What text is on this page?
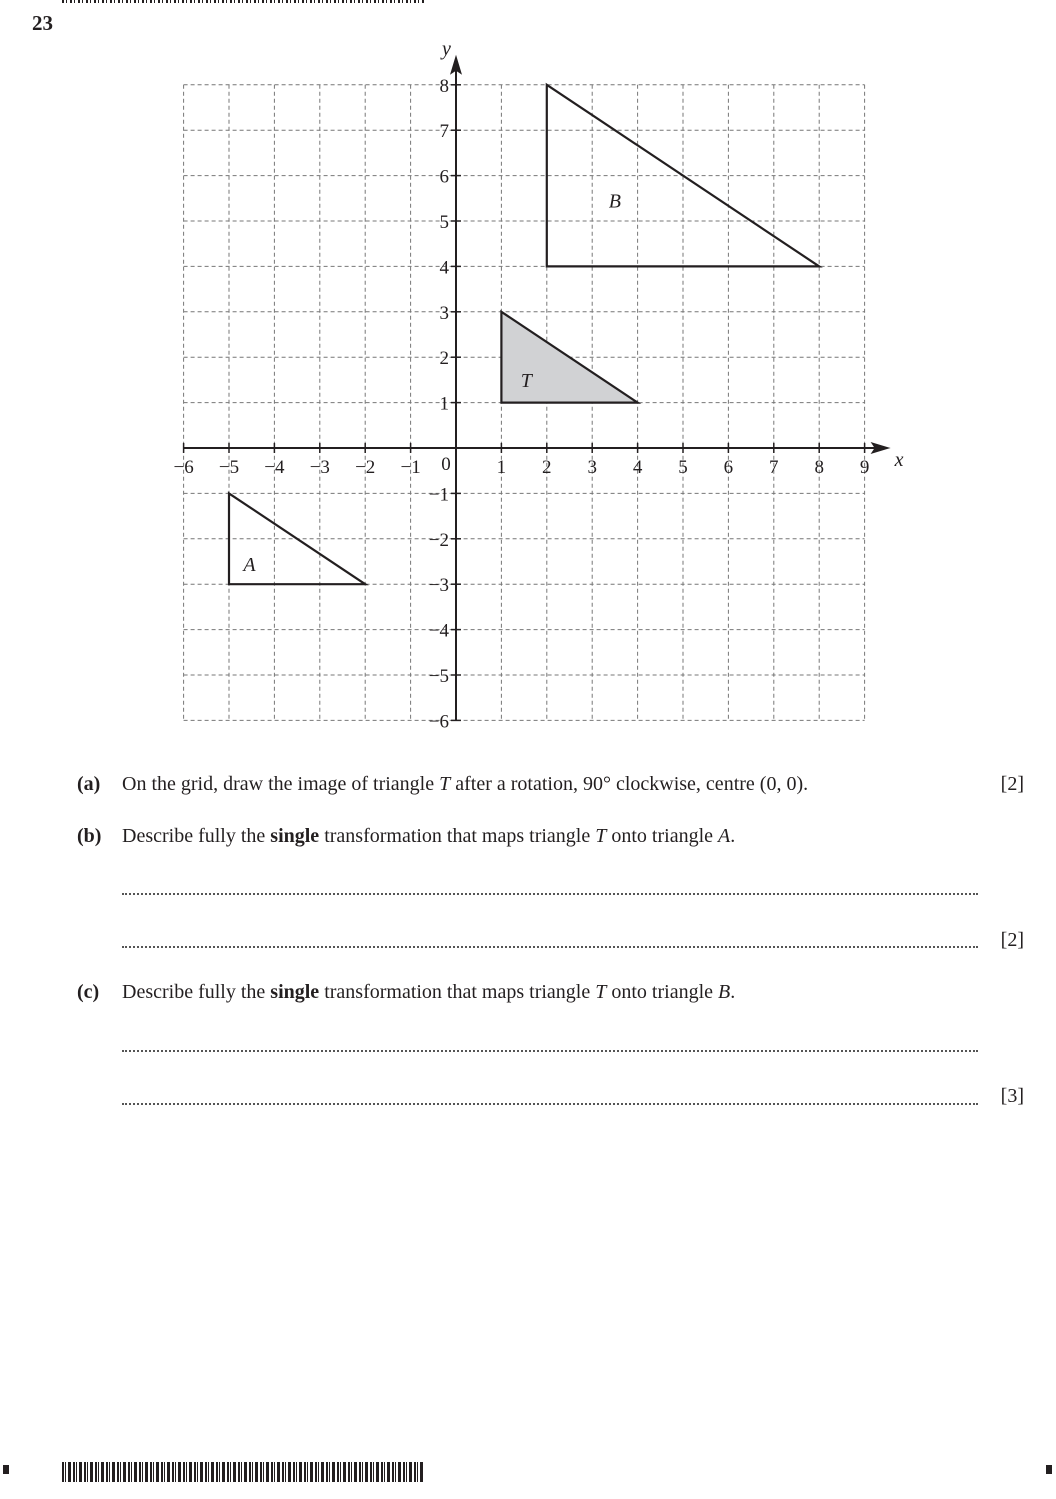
23
−6 −5 −4 −3 −2 −1	1 2 3 4 5 6 7 8 9
8
7
6
5
4
3
2
1
−1
−2
−3
−4
−5
−6
0	x
y
T
A
B
(a) On the grid, draw the image of triangle T after a rotation, 90° clockwise, centre (0, 0).	[2]
(b) Describe fully the single transformation that maps triangle T onto triangle A.
[2]
(c) Describe fully the single transformation that maps triangle T onto triangle B.
[3]
